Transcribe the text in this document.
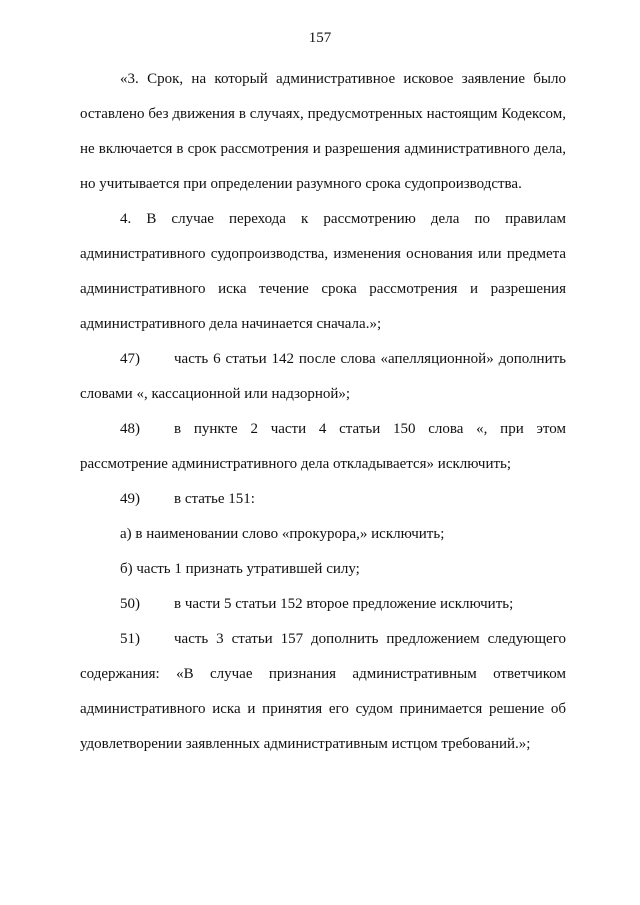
157

«3. Срок, на который административное исковое заявление было оставлено без движения в случаях, предусмотренных настоящим Кодексом, не включается в срок рассмотрения и разрешения административного дела, но учитывается при определении разумного срока судопроизводства.

4. В случае перехода к рассмотрению дела по правилам административного судопроизводства, изменения основания или предмета административного иска течение срока рассмотрения и разрешения административного дела начинается сначала.»;

47) часть 6 статьи 142 после слова «апелляционной» дополнить словами «, кассационной или надзорной»;

48) в пункте 2 части 4 статьи 150 слова «, при этом рассмотрение административного дела откладывается» исключить;

49) в статье 151:

а) в наименовании слово «прокурора,» исключить;

б) часть 1 признать утратившей силу;

50) в части 5 статьи 152 второе предложение исключить;

51) часть 3 статьи 157 дополнить предложением следующего содержания: «В случае признания административным ответчиком административного иска и принятия его судом принимается решение об удовлетворении заявленных административным истцом требований.»;
